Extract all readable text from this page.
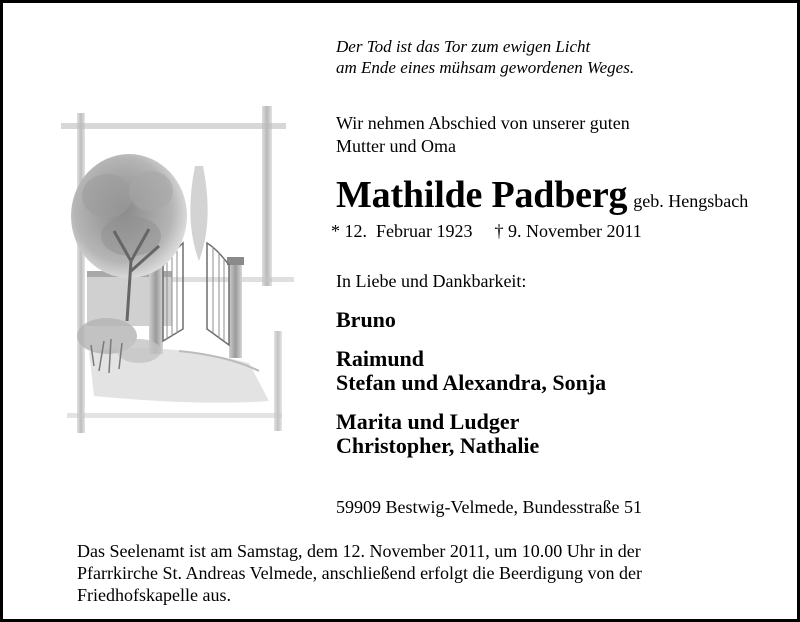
Der Tod ist das Tor zum ewigen Licht
am Ende eines mühsam gewordenen Weges.
Wir nehmen Abschied von unserer guten
Mutter und Oma
Mathilde Padberg geb. Hengsbach
* 12.  Februar 1923 † 9. November 2011
In Liebe und Dankbarkeit:
Bruno
Raimund
Stefan und Alexandra, Sonja
Marita und Ludger
Christopher, Nathalie
59909 Bestwig-Velmede, Bundesstraße 51
Das Seelenamt ist am Samstag, dem 12. November 2011, um 10.00 Uhr in der
Pfarrkirche St. Andreas Velmede, anschließend erfolgt die Beerdigung von der
Friedhofskapelle aus.
